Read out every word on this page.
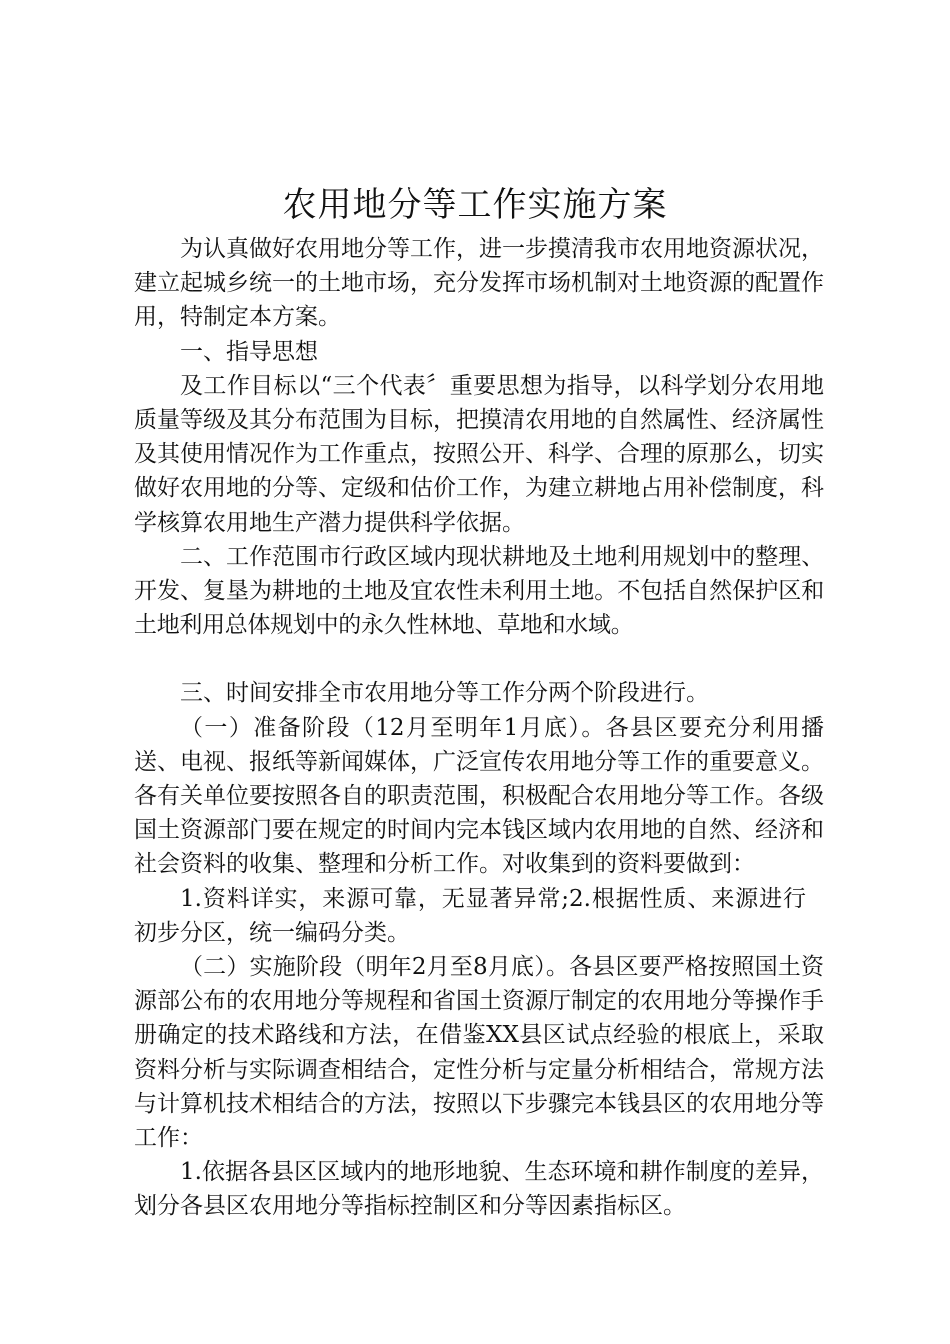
农用地分等工作实施方案

为认真做好农用地分等工作，进一步摸清我市农用地资源状况，建立起城乡统一的土地市场，充分发挥市场机制对土地资源的配置作用，特制定本方案。

一、指导思想

及工作目标以“三个代表〞重要思想为指导，以科学划分农用地质量等级及其分布范围为目标，把摸清农用地的自然属性、经济属性及其使用情况作为工作重点，按照公开、科学、合理的原那么，切实做好农用地的分等、定级和估价工作，为建立耕地占用补偿制度，科学核算农用地生产潜力提供科学依据。

二、工作范围市行政区域内现状耕地及土地利用规划中的整理、开发、复垦为耕地的土地及宜农性未利用土地。不包括自然保护区和土地利用总体规划中的永久性林地、草地和水域。

三、时间安排全市农用地分等工作分两个阶段进行。

（一）准备阶段（12月至明年1月底）。各县区要充分利用播送、电视、报纸等新闻媒体，广泛宣传农用地分等工作的重要意义。各有关单位要按照各自的职责范围，积极配合农用地分等工作。各级国土资源部门要在规定的时间内完本钱区域内农用地的自然、经济和社会资料的收集、整理和分析工作。对收集到的资料要做到：

1.资料详实，来源可靠，无显著异常;2.根据性质、来源进行初步分区，统一编码分类。

（二）实施阶段（明年2月至8月底）。各县区要严格按照国土资源部公布的农用地分等规程和省国土资源厅制定的农用地分等操作手册确定的技术路线和方法，在借鉴XX县区试点经验的根底上，采取资料分析与实际调查相结合，定性分析与定量分析相结合，常规方法与计算机技术相结合的方法，按照以下步骤完本钱县区的农用地分等工作：

1.依据各县区区域内的地形地貌、生态环境和耕作制度的差异，划分各县区农用地分等指标控制区和分等因素指标区。
